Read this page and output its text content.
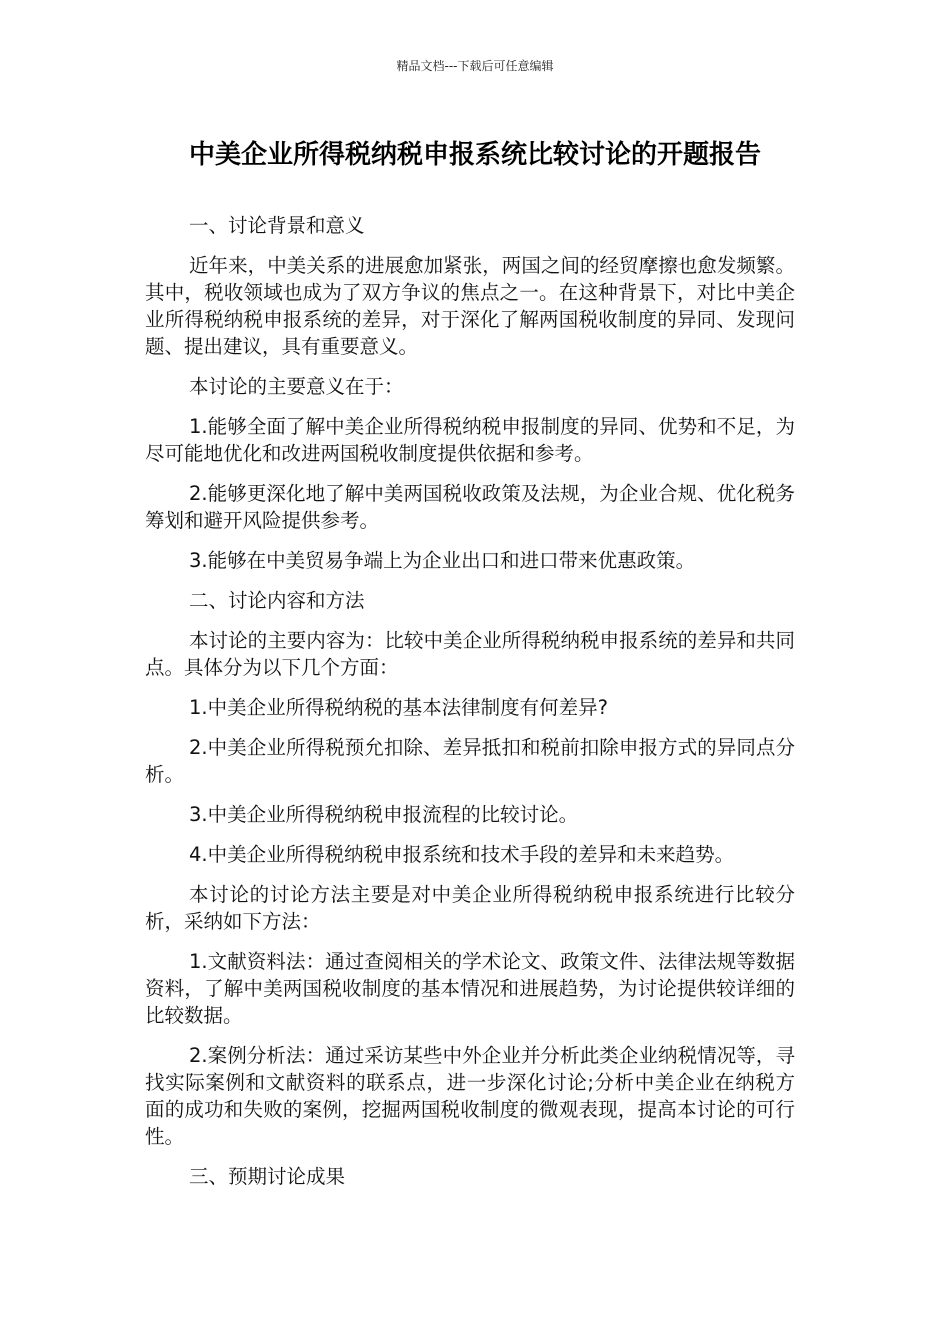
精品文档---下载后可任意编辑
中美企业所得税纳税申报系统比较讨论的开题报告

一、讨论背景和意义

近年来，中美关系的进展愈加紧张，两国之间的经贸摩擦也愈发频繁。其中，税收领域也成为了双方争议的焦点之一。在这种背景下，对比中美企业所得税纳税申报系统的差异，对于深化了解两国税收制度的异同、发现问题、提出建议，具有重要意义。

本讨论的主要意义在于：

1.能够全面了解中美企业所得税纳税申报制度的异同、优势和不足，为尽可能地优化和改进两国税收制度提供依据和参考。

2.能够更深化地了解中美两国税收政策及法规，为企业合规、优化税务筹划和避开风险提供参考。

3.能够在中美贸易争端上为企业出口和进口带来优惠政策。

二、讨论内容和方法

本讨论的主要内容为：比较中美企业所得税纳税申报系统的差异和共同点。具体分为以下几个方面：

1.中美企业所得税纳税的基本法律制度有何差异?

2.中美企业所得税预允扣除、差异抵扣和税前扣除申报方式的异同点分析。

3.中美企业所得税纳税申报流程的比较讨论。

4.中美企业所得税纳税申报系统和技术手段的差异和未来趋势。

本讨论的讨论方法主要是对中美企业所得税纳税申报系统进行比较分析，采纳如下方法：

1.文献资料法：通过查阅相关的学术论文、政策文件、法律法规等数据资料，了解中美两国税收制度的基本情况和进展趋势，为讨论提供较详细的比较数据。

2.案例分析法：通过采访某些中外企业并分析此类企业纳税情况等，寻找实际案例和文献资料的联系点，进一步深化讨论;分析中美企业在纳税方面的成功和失败的案例，挖掘两国税收制度的微观表现，提高本讨论的可行性。

三、预期讨论成果
